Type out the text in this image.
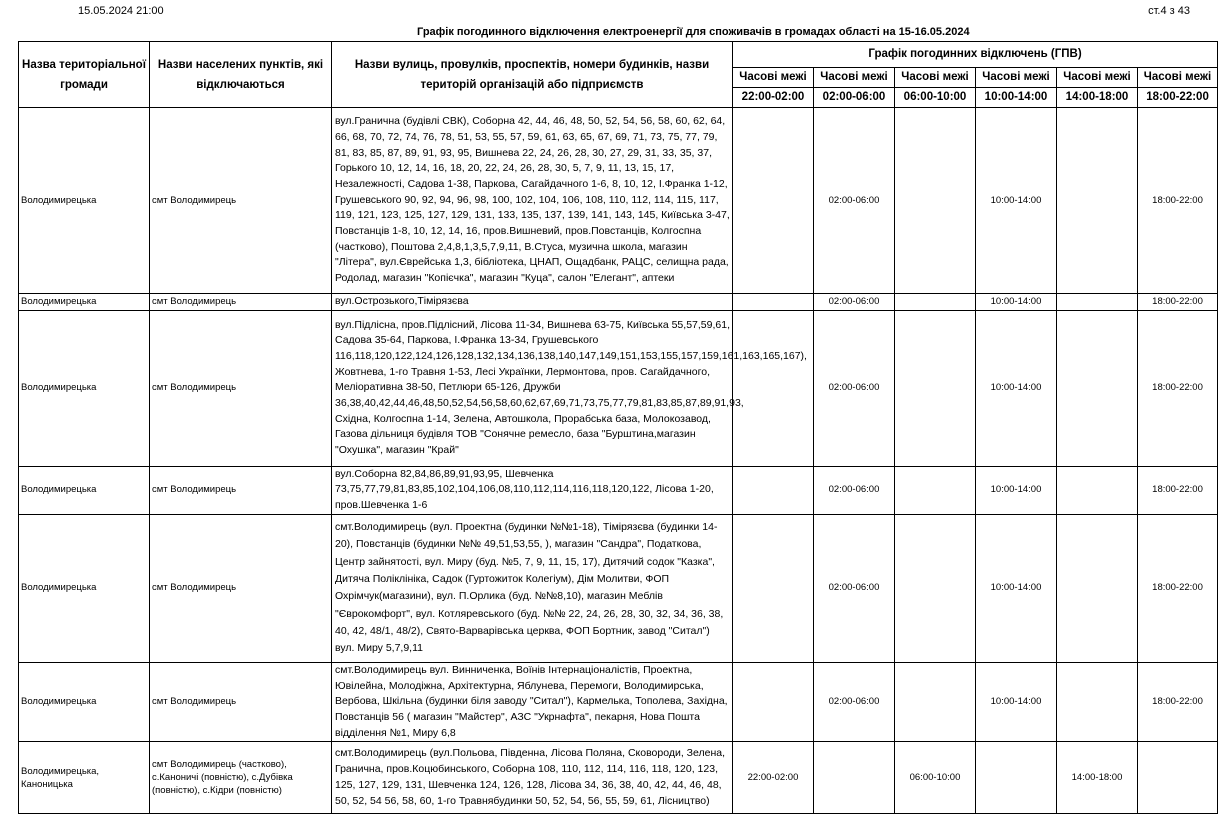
15.05.2024 21:00	ст.4 з 43
Графік погодинного відключення електроенергії для споживачів в громадах області на 15-16.05.2024
Назва територіальної громади	Назви населених пунктів, які відключаються	Назви вулиць, провулків, проспектів, номери будинків, назви територій організацій або підприємств	Графік погодинних відключень (ГПВ)					
			Часові межі	Часові межі	Часові межі	Часові межі	Часові межі	Часові межі
			22:00-02:00	02:00-06:00	06:00-10:00	10:00-14:00	14:00-18:00	18:00-22:00
Володимирецька	смт Володимирець	вул.Гранична (будівлі СВК), Соборна 42, 44, 46, 48, 50, 52, 54, 56, 58, 60, 62, 64, 66, 68, 70, 72, 74, 76, 78, 51, 53, 55, 57, 59, 61, 63, 65, 67, 69, 71, 73, 75, 77, 79, 81, 83, 85, 87, 89, 91, 93, 95, Вишнева 22, 24, 26, 28, 30, 27, 29, 31, 33, 35, 37, Горького 10, 12, 14, 16, 18, 20, 22, 24, 26, 28, 30, 5, 7, 9, 11, 13, 15, 17, Незалежності, Садова 1-38, Паркова, Сагайдачного 1-6, 8, 10, 12, І.Франка 1-12, Грушевського 90, 92, 94, 96, 98, 100, 102, 104, 106, 108, 110, 112, 114, 115, 117, 119, 121, 123, 125, 127, 129, 131, 133, 135, 137, 139, 141, 143, 145, Київська 3-47, Повстанців 1-8, 10, 12, 14, 16, пров.Вишневий, пров.Повстанців, Колгоспна (частково), Поштова 2,4,8,1,3,5,7,9,11, В.Стуса, музична школа, магазин "Літера", вул.Єврейська 1,3, бібліотека, ЦНАП, Ощадбанк, РАЦС, селищна рада, Родолад, магазин "Копієчка", магазин "Куца", салон "Елегант", аптеки		02:00-06:00		10:00-14:00		18:00-22:00
Володимирецька	смт Володимирець	вул.Острозького,Тімірязєва		02:00-06:00		10:00-14:00		18:00-22:00
Володимирецька	смт Володимирець	вул.Підлісна, пров.Підлісний, Лісова 11-34, Вишнева 63-75, Київська 55,57,59,61, Садова 35-64, Паркова, І.Франка 13-34, Грушевського 116,118,120,122,124,126,128,132,134,136,138,140,147,149,151,153,155,157,159,161,163,165,167), Жовтнева, 1-го Травня 1-53, Лесі Українки, Лермонтова, пров. Сагайдачного, Меліоративна 38-50, Петлюри 65-126, Дружби 36,38,40,42,44,46,48,50,52,54,56,58,60,62,67,69,71,73,75,77,79,81,83,85,87,89,91,93, Східна, Колгоспна 1-14, Зелена, Автошкола, Прорабська база, Молокозавод, Газова дільниця будівля ТОВ "Сонячне ремесло, база "Бурштина,магазин "Охушка", магазин "Край"		02:00-06:00		10:00-14:00		18:00-22:00
Володимирецька	смт Володимирець	вул.Соборна 82,84,86,89,91,93,95, Шевченка 73,75,77,79,81,83,85,102,104,106,08,110,112,114,116,118,120,122, Лісова 1-20, пров.Шевченка 1-6		02:00-06:00		10:00-14:00		18:00-22:00
Володимирецька	смт Володимирець	смт.Володимирець (вул. Проектна (будинки №№1-18), Тімірязєва (будинки 14-20), Повстанців (будинки №№ 49,51,53,55, ), магазин "Сандра", Податкова, Центр зайнятості, вул. Миру (буд. №5, 7, 9, 11, 15, 17), Дитячий содок "Казка", Дитяча Поліклініка, Садок (Гуртожиток Колегіум), Дім Молитви, ФОП Охрімчук(магазини), вул. П.Орлика (буд. №№8,10), магазин Меблів "Єврокомфорт", вул. Котляревського (буд. №№ 22, 24, 26, 28, 30, 32, 34, 36, 38, 40, 42, 48/1, 48/2), Свято-Варварівська церква, ФОП Бортник, завод "Ситал") вул. Миру 5,7,9,11		02:00-06:00		10:00-14:00		18:00-22:00
Володимирецька	смт Володимирець	смт.Володимирець вул. Винниченка, Воїнів Інтернаціоналістів, Проектна, Ювілейна, Молодіжна, Архітектурна, Яблунева, Перемоги, Володимирська, Вербова, Шкільна (будинки біля заводу "Ситал"), Кармелька, Тополева, Західна, Повстанців 56 ( магазин "Майстер", АЗС "Укрнафта", пекарня, Нова Пошта відділення №1, Миру 6,8		02:00-06:00		10:00-14:00		18:00-22:00
Володимирецька, Каноницька	смт Володимирець (частково), с.Каноничі (повністю), с.Дубівка (повністю), с.Кідри (повністю)	смт.Володимирець (вул.Польова, Південна, Лісова Поляна, Сковороди, Зелена, Гранична, пров.Коцюбинського, Соборна 108, 110, 112, 114, 116, 118, 120, 123, 125, 127, 129, 131, Шевченка 124, 126, 128, Лісова 34, 36, 38, 40, 42, 44, 46, 48, 50, 52, 54 56, 58, 60, 1-го Травнябудинки 50, 52, 54, 56, 55, 59, 61, Лісництво)	22:00-02:00		06:00-10:00		14:00-18:00	
